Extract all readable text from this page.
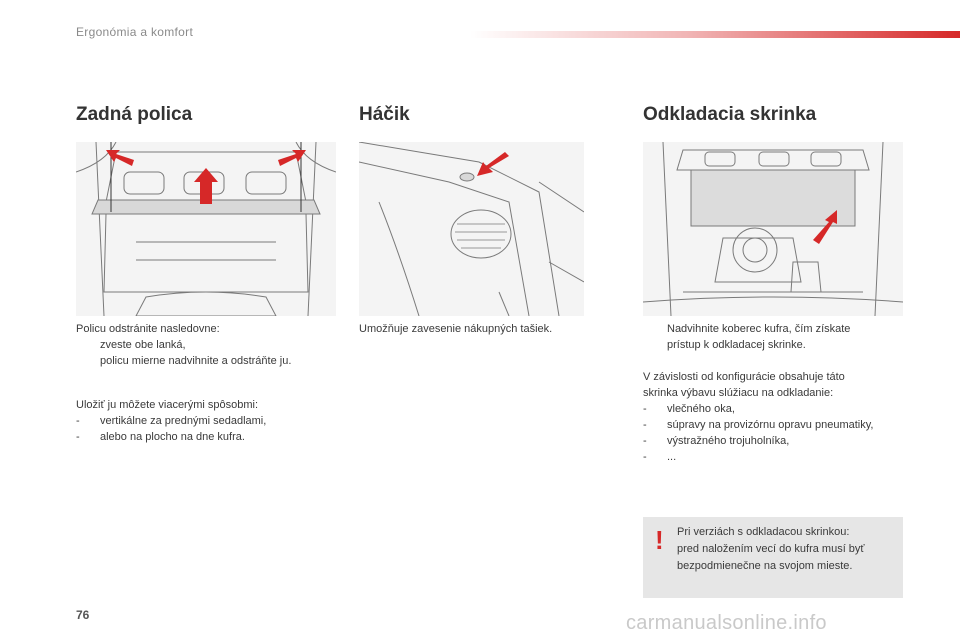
Ergonómia a komfort
Zadná polica

Policu odstránite nasledovne:

zveste obe lanká,

policu mierne nadvihnite a odstráňte ju.

Uložiť ju môžete viacerými spôsobmi:

- vertikálne za prednými sedadlami,

- alebo na plocho na dne kufra.

Háčik

Umožňuje zavesenie nákupných tašiek.

Odkladacia skrinka

Nadvihnite koberec kufra, čím získate

prístup k odkladacej skrinke.

V závislosti od konfigurácie obsahuje táto

skrinka výbavu slúžiacu na odkladanie:

- vlečného oka,

- súpravy na provizórnu opravu pneumatiky,

- výstražného trojuholníka,

- ...

! Pri verziách s odkladacou skrinkou:
pred naložením vecí do kufra musí byť
bezpodmienečne na svojom mieste.
76	carmanualsonline.info
